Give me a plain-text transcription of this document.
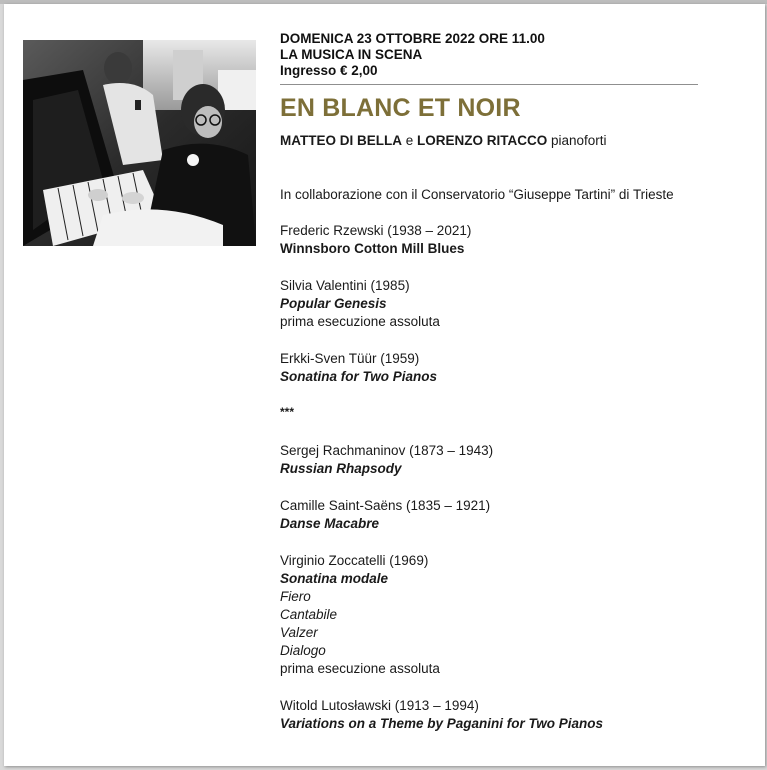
DOMENICA 23 OTTOBRE 2022 ORE 11.00
LA MUSICA IN SCENA
Ingresso € 2,00
EN BLANC ET NOIR
MATTEO DI BELLA e LORENZO RITACCO pianoforti
In collaborazione con il Conservatorio “Giuseppe Tartini” di Trieste
Frederic Rzewski (1938 – 2021)
Winnsboro Cotton Mill Blues
Silvia Valentini (1985)
Popular Genesis
prima esecuzione assoluta
Erkki-Sven Tüür (1959)
Sonatina for Two Pianos
***
Sergej Rachmaninov (1873 – 1943)
Russian Rhapsody
Camille Saint-Saëns (1835 – 1921)
Danse Macabre
Virginio Zoccatelli (1969)
Sonatina modale
Fiero
Cantabile
Valzer
Dialogo
prima esecuzione assoluta
Witold Lutosławski (1913 – 1994)
Variations on a Theme by Paganini for Two Pianos
